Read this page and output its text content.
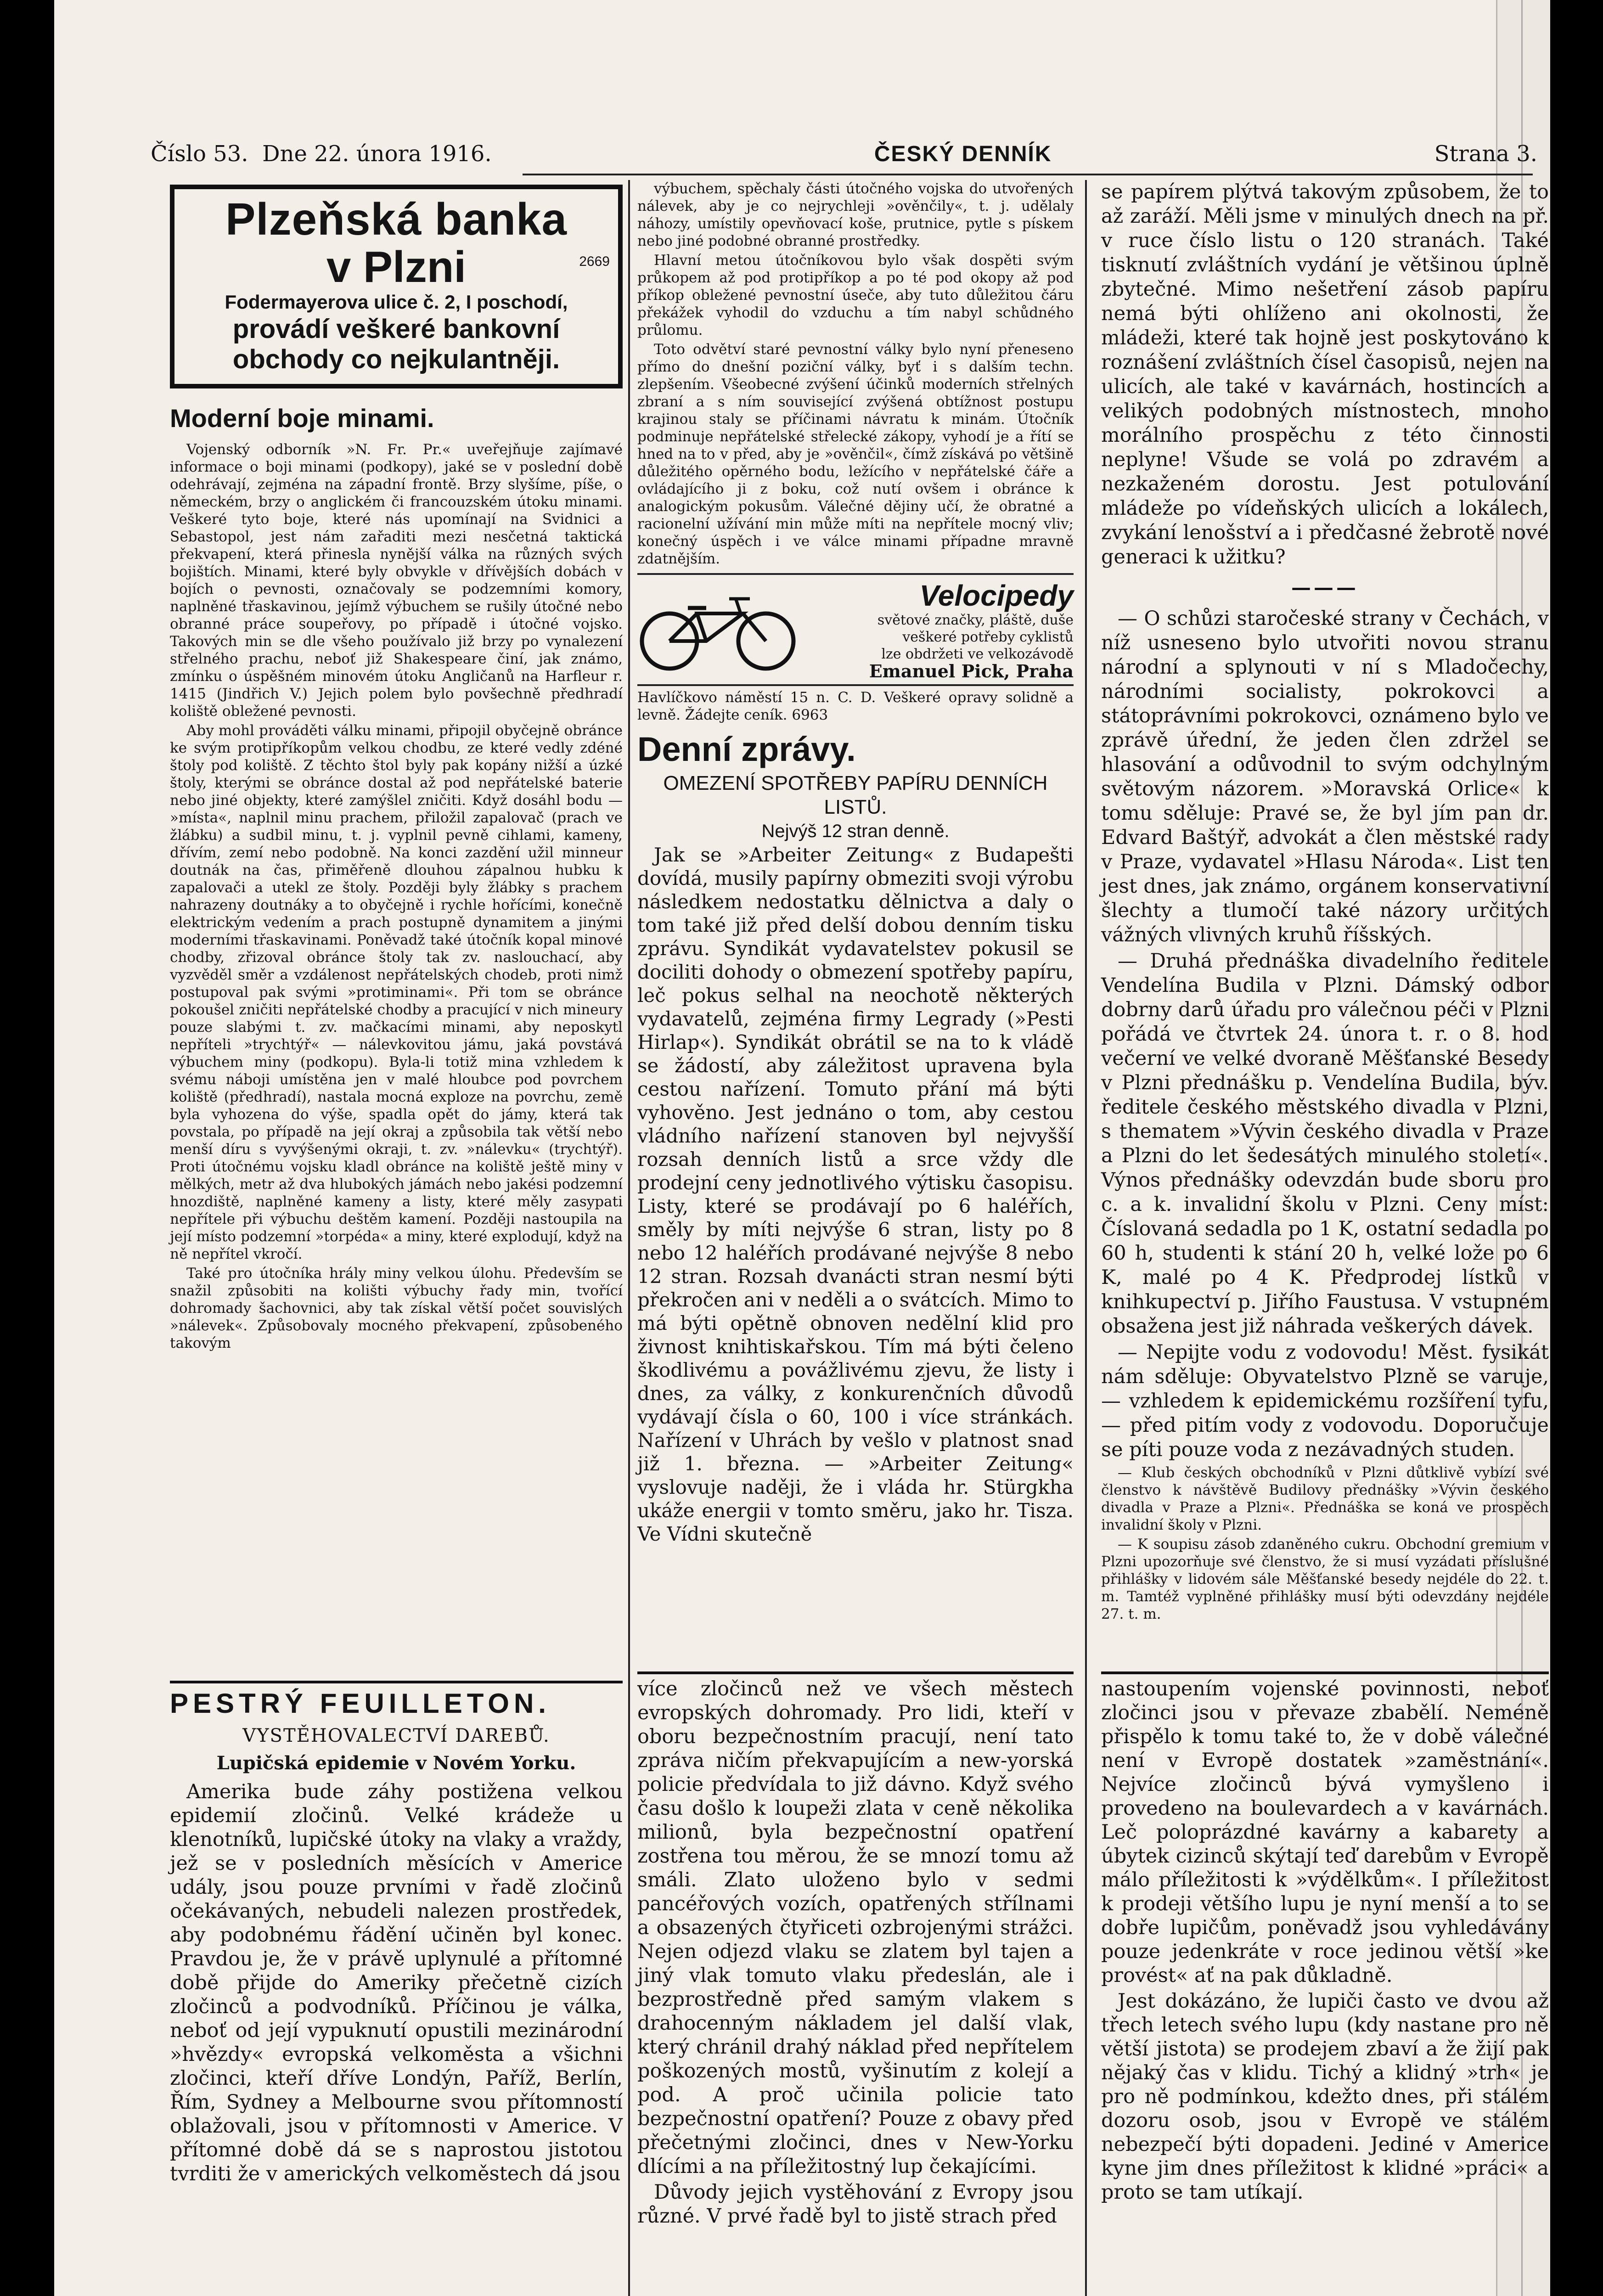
Číslo 53. Dne 22. února 1916.	ČESKÝ DENNÍK	Strana 3.
Plzeňská banka
v Plzni	2669
Fodermayerova ulice č. 2, I poschodí,
provádí veškeré bankovní
obchody co nejkulantněji.
Moderní boje minami.

Vojenský odborník »N. Fr. Pr.« uveřejňuje zajímavé informace o boji minami (podkopy), jaké se v poslední době odehrávají, zejména na západní frontě. Brzy slyšíme, píše, o německém, brzy o anglickém či francouzském útoku minami. Veškeré tyto boje, které nás upomínají na Svidnici a Sebastopol, jest nám zařaditi mezi nesčetná taktická překvapení, která přinesla nynější válka na různých svých bojištích. Minami, které byly obvykle v dřívějších dobách v bojích o pevnosti, označovaly se podzemními komory, naplněné třaskavinou, jejímž výbuchem se rušily útočné nebo obranné práce soupeřovy, po případě i útočné vojsko. Takových min se dle všeho používalo již brzy po vynalezení střelného prachu, neboť již Shakespeare činí, jak známo, zmínku o úspěšném minovém útoku Angličanů na Harfleur r. 1415 (Jindřich V.) Jejich polem bylo povšechně předhradí koliště obležené pevnosti.

Aby mohl prováděti válku minami, připojil obyčejně obránce ke svým protipříkopům velkou chodbu, ze které vedly zdéné štoly pod koliště. Z těchto štol byly pak kopány nižší a úzké štoly, kterými se obránce dostal až pod nepřátelské baterie nebo jiné objekty, které zamýšlel zničiti. Když dosáhl bodu — »místa«, naplnil minu prachem, přiložil zapalovač (prach ve žlábku) a sudbil minu, t. j. vyplnil pevně cihlami, kameny, dřívím, zemí nebo podobně. Na konci zazdění užil minneur doutnák na čas, přiměřeně dlouhou zápalnou hubku k zapalovači a utekl ze štoly. Později byly žlábky s prachem nahrazeny doutnáky a to obyčejně i rychle hořícími, konečně elektrickým vedením a prach postupně dynamitem a jinými moderními třaskavinami. Poněvadž také útočník kopal minové chodby, zřizoval obránce štoly tak zv. naslouchací, aby vyzvěděl směr a vzdálenost nepřátelských chodeb, proti nimž postupoval pak svými »protiminami«. Při tom se obránce pokoušel zničiti nepřátelské chodby a pracující v nich mineury pouze slabými t. zv. mačkacími minami, aby neposkytl nepříteli »trychtýř« — nálevkovitou jámu, jaká povstává výbuchem miny (podkopu). Byla-li totiž mina vzhledem k svému náboji umístěna jen v malé hloubce pod povrchem koliště (předhradí), nastala mocná exploze na povrchu, země byla vyhozena do výše, spadla opět do jámy, která tak povstala, po případě na její okraj a způsobila tak větší nebo menší díru s vyvýšenými okraji, t. zv. »nálevku« (trychtýř). Proti útočnému vojsku kladl obránce na koliště ještě miny v mělkých, metr až dva hlubokých jámách nebo jakési podzemní hnozdiště, naplněné kameny a listy, které měly zasypati nepřítele při výbuchu deštěm kamení. Později nastoupila na její místo podzemní »torpéda« a miny, které explodují, když na ně nepřítel vkročí.

Také pro útočníka hrály miny velkou úlohu. Především se snažil způsobiti na kolišti výbuchy řady min, tvořící dohromady šachovnici, aby tak získal větší počet souvislých »nálevek«. Způsobovaly mocného překvapení, způsobeného takovým

výbuchem, spěchaly části útočného vojska do utvořených nálevek, aby je co nejrychleji »ověnčily«, t. j. udělaly náhozy, umístily opevňovací koše, prutnice, pytle s pískem nebo jiné podobné obranné prostředky.

Hlavní metou útočníkovou bylo však dospěti svým průkopem až pod protipříkop a po té pod okopy až pod příkop obležené pevnostní úseče, aby tuto důležitou čáru překážek vyhodil do vzduchu a tím nabyl schůdného průlomu.

Toto odvětví staré pevnostní války bylo nyní přeneseno přímo do dnešní poziční války, byť i s dalším techn. zlepšením. Všeobecné zvýšení účinků moderních střelných zbraní a s ním související zvýšená obtížnost postupu krajinou staly se příčinami návratu k minám. Útočník podminuje nepřátelské střelecké zákopy, vyhodí je a řítí se hned na to v před, aby je »ověnčil«, čímž získává po většině důležitého opěrného bodu, ležícího v nepřátelské čáře a ovládajícího ji z boku, což nutí ovšem i obránce k analogickým pokusům. Válečné dějiny učí, že obratné a racionelní užívání min může míti na nepřítele mocný vliv; konečný úspěch i ve válce minami případne mravně zdatnějším.

Velocipedy
světové značky, pláště, duše
veškeré potřeby cyklistů
lze obdržeti ve velkozávodě
Emanuel Pick, Praha
Havlíčkovo náměstí 15 n. C. D. Veškeré opravy solidně a levně. Žádejte ceník. 6963
Denní zprávy.
OMEZENÍ SPOTŘEBY PAPÍRU DENNÍCH LISTŮ.
Nejvýš 12 stran denně.

Jak se »Arbeiter Zeitung« z Budapešti dovídá, musily papírny obmeziti svoji výrobu následkem nedostatku dělnictva a daly o tom také již před delší dobou denním tisku zprávu. Syndikát vydavatelstev pokusil se dociliti dohody o obmezení spotřeby papíru, leč pokus selhal na neochotě některých vydavatelů, zejména firmy Legrady (»Pesti Hirlap«). Syndikát obrátil se na to k vládě se žádostí, aby záležitost upravena byla cestou nařízení. Tomuto přání má býti vyhověno. Jest jednáno o tom, aby cestou vládního nařízení stanoven byl nejvyšší rozsah denních listů a srce vždy dle prodejní ceny jednotlivého výtisku časopisu. Listy, které se prodávají po 6 haléřích, směly by míti nejvýše 6 stran, listy po 8 nebo 12 haléřích prodávané nejvýše 8 nebo 12 stran. Rozsah dvanácti stran nesmí býti překročen ani v neděli a o svátcích. Mimo to má býti opětně obnoven nedělní klid pro živnost knihtiskařskou. Tím má býti čeleno škodlivému a povážlivému zjevu, že listy i dnes, za války, z konkurenčních důvodů vydávají čísla o 60, 100 i více stránkách. Nařízení v Uhrách by vešlo v platnost snad již 1. března. — »Arbeiter Zeitung« vyslovuje naději, že i vláda hr. Stürgkha ukáže energii v tomto směru, jako hr. Tisza. Ve Vídni skutečně

se papírem plýtvá takovým způsobem, že to až zaráží. Měli jsme v minulých dnech na př. v ruce číslo listu o 120 stranách. Také tisknutí zvláštních vydání je většinou úplně zbytečné. Mimo nešetření zásob papíru nemá býti ohlíženo ani okolnosti, že mládeži, které tak hojně jest poskytováno k roznášení zvláštních čísel časopisů, nejen na ulicích, ale také v kavárnách, hostincích a velikých podobných místnostech, mnoho morálního prospěchu z této činnosti neplyne! Všude se volá po zdravém a nezkaženém dorostu. Jest potulování mládeže po vídeňských ulicích a lokálech, zvykání lenošství a i předčasné žebrotě nové generaci k užitku?

———

— O schůzi staročeské strany v Čechách, v níž usneseno bylo utvořiti novou stranu národní a splynouti v ní s Mladočechy, národními socialisty, pokrokovci a státoprávními pokrokovci, oznámeno bylo ve zprávě úřední, že jeden člen zdržel se hlasování a odůvodnil to svým odchylným světovým názorem. »Moravská Orlice« k tomu sděluje: Pravé se, že byl jím pan dr. Edvard Baštýř, advokát a člen městské rady v Praze, vydavatel »Hlasu Národa«. List ten jest dnes, jak známo, orgánem konservativní šlechty a tlumočí také názory určitých vážných vlivných kruhů říšských.

— Druhá přednáška divadelního ředitele Vendelína Budila v Plzni. Dámský odbor dobrny darů úřadu pro válečnou péči v Plzni pořádá ve čtvrtek 24. února t. r. o 8. hod večerní ve velké dvoraně Měšťanské Besedy v Plzni přednášku p. Vendelína Budila, býv. ředitele českého městského divadla v Plzni, s thematem »Vývin českého divadla v Praze a Plzni do let šedesátých minulého století«. Výnos přednášky odevzdán bude sboru pro c. a k. invalidní školu v Plzni. Ceny míst: Číslovaná sedadla po 1 K, ostatní sedadla po 60 h, studenti k stání 20 h, velké lože po 6 K, malé po 4 K. Předprodej lístků v knihkupectví p. Jiřího Faustusa. V vstupném obsažena jest již náhrada veškerých dávek.

— Nepijte vodu z vodovodu! Měst. fysikát nám sděluje: Obyvatelstvo Plzně se varuje, — vzhledem k epidemickému rozšíření tyfu, — před pitím vody z vodovodu. Doporučuje se píti pouze voda z nezávadných studen.

— Klub českých obchodníků v Plzni důtklivě vybízí své členstvo k návštěvě Budilovy přednášky »Vývin českého divadla v Praze a Plzni«. Přednáška se koná ve prospěch invalidní školy v Plzni.

— K soupisu zásob zdaněného cukru. Obchodní gremium v Plzni upozorňuje své členstvo, že si musí vyzádati příslušné přihlášky v lidovém sále Měšťanské besedy nejdéle do 22. t. m. Tamtéž vyplněné přihlášky musí býti odevzdány nejdéle 27. t. m.

PESTRÝ FEUILLETON.

VYSTĚHOVALECTVÍ DAREBŮ.

Lupičská epidemie v Novém Yorku.

Amerika bude záhy postižena velkou epidemií zločinů. Velké krádeže u klenotníků, lupičské útoky na vlaky a vraždy, jež se v posledních měsících v Americe udály, jsou pouze prvními v řadě zločinů očekávaných, nebudeli nalezen prostředek, aby podobnému řádění učiněn byl konec. Pravdou je, že v právě uplynulé a přítomné době přijde do Ameriky přečetně cizích zločinců a podvodníků. Příčinou je válka, neboť od její vypuknutí opustili mezinárodní »hvězdy« evropská velkoměsta a všichni zločinci, kteří dříve Londýn, Paříž, Berlín, Řím, Sydney a Melbourne svou přítomností oblažovali, jsou v přítomnosti v Americe. V přítomné době dá se s naprostou jistotou tvrditi že v amerických velkoměstech dá jsou

více zločinců než ve všech městech evropských dohromady. Pro lidi, kteří v oboru bezpečnostním pracují, není tato zpráva ničím překvapujícím a new-yorská policie předvídala to již dávno. Když svého času došlo k loupeži zlata v ceně několika milionů, byla bezpečnostní opatření zostřena tou měrou, že se mnozí tomu až smáli. Zlato uloženo bylo v sedmi pancéřových vozích, opatřených střílnami a obsazených čtyřiceti ozbrojenými strážci. Nejen odjezd vlaku se zlatem byl tajen a jiný vlak tomuto vlaku předeslán, ale i bezprostředně před samým vlakem s drahocenným nákladem jel další vlak, který chránil drahý náklad před nepřítelem poškozených mostů, vyšinutím z kolejí a pod. A proč učinila policie tato bezpečnostní opatření? Pouze z obavy před přečetnými zločinci, dnes v New-Yorku dlícími a na příležitostný lup čekajícími.

Důvody jejich vystěhování z Evropy jsou různé. V prvé řadě byl to jistě strach před

nastoupením vojenské povinnosti, neboť zločinci jsou v převaze zbabělí. Neméně přispělo k tomu také to, že v době válečné není v Evropě dostatek »zaměstnání«. Nejvíce zločinců bývá vymyšleno i provedeno na boulevardech a v kavárnách. Leč poloprázdné kavárny a kabarety a úbytek cizinců skýtají teď darebům v Evropě málo příležitosti k »výdělkům«. I příležitost k prodeji většího lupu je nyní menší a to se dobře lupičům, poněvadž jsou vyhledávány pouze jedenkráte v roce jedinou větší »ke provést« ať na pak důkladně.

Jest dokázáno, že lupiči často ve dvou až třech letech svého lupu (kdy nastane pro ně větší jistota) se prodejem zbaví a že žijí pak nějaký čas v klidu. Tichý a klidný »trh« je pro ně podmínkou, kdežto dnes, při stálém dozoru osob, jsou v Evropě ve stálém nebezpečí býti dopadeni. Jediné v Americe kyne jim dnes příležitost k klidné »práci« a proto se tam utíkají.
